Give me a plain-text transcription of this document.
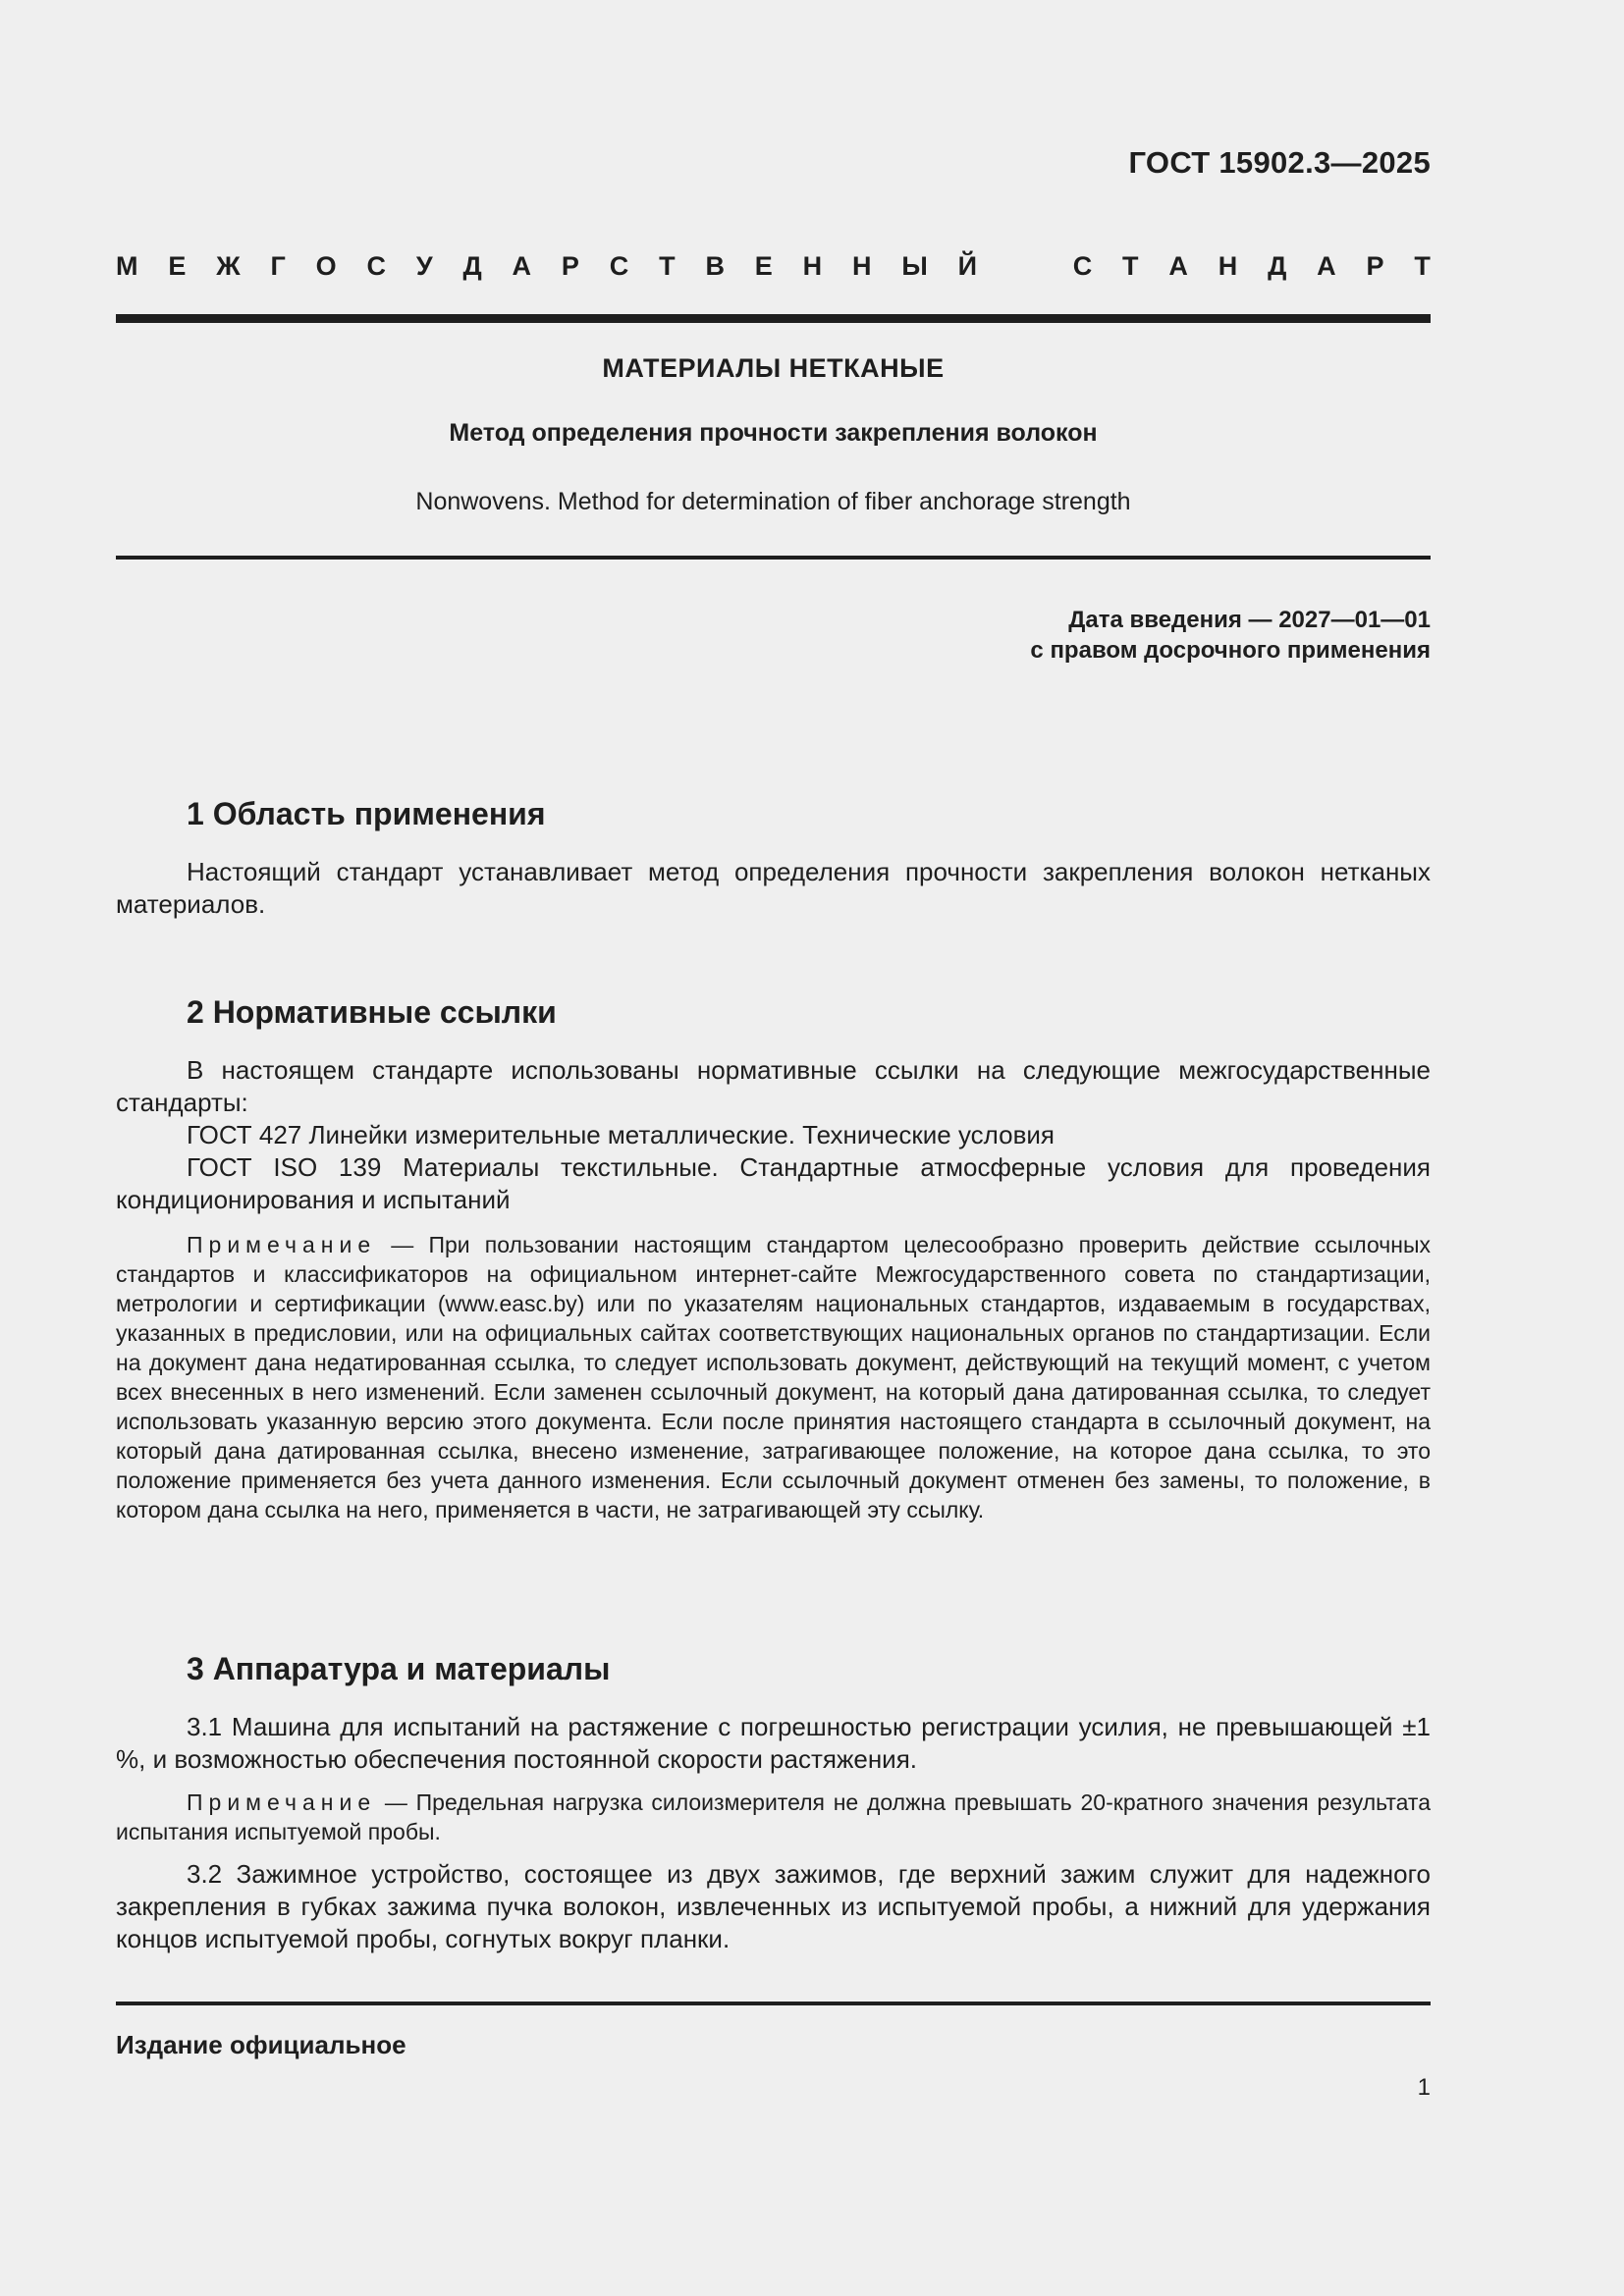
ГОСТ 15902.3—2025
М Е Ж Г О С У Д А Р С Т В Е Н Н Ы Й	С Т А Н Д А Р Т
МАТЕРИАЛЫ НЕТКАНЫЕ
Метод определения прочности закрепления волокон
Nonwovens. Method for determination of fiber anchorage strength
Дата введения — 2027—01—01
с правом досрочного применения
1 Область применения

Настоящий стандарт устанавливает метод определения прочности закрепления волокон нетканых материалов.

2 Нормативные ссылки

В настоящем стандарте использованы нормативные ссылки на следующие межгосударственные стандарты:

ГОСТ 427 Линейки измерительные металлические. Технические условия

ГОСТ ISO 139 Материалы текстильные. Стандартные атмосферные условия для проведения кондиционирования и испытаний

Примечание — При пользовании настоящим стандартом целесообразно проверить действие ссылочных стандартов и классификаторов на официальном интернет-сайте Межгосударственного совета по стандартизации, метрологии и сертификации (www.easc.by) или по указателям национальных стандартов, издаваемым в государствах, указанных в предисловии, или на официальных сайтах соответствующих национальных органов по стандартизации. Если на документ дана недатированная ссылка, то следует использовать документ, действующий на текущий момент, с учетом всех внесенных в него изменений. Если заменен ссылочный документ, на который дана датированная ссылка, то следует использовать указанную версию этого документа. Если после принятия настоящего стандарта в ссылочный документ, на который дана датированная ссылка, внесено изменение, затрагивающее положение, на которое дана ссылка, то это положение применяется без учета данного изменения. Если ссылочный документ отменен без замены, то положение, в котором дана ссылка на него, применяется в части, не затрагивающей эту ссылку.

3 Аппаратура и материалы

3.1 Машина для испытаний на растяжение с погрешностью регистрации усилия, не превышающей ±1 %, и возможностью обеспечения постоянной скорости растяжения.

Примечание — Предельная нагрузка силоизмерителя не должна превышать 20-кратного значения результата испытания испытуемой пробы.

3.2 Зажимное устройство, состоящее из двух зажимов, где верхний зажим служит для надежного закрепления в губках зажима пучка волокон, извлеченных из испытуемой пробы, а нижний для удержания концов испытуемой пробы, согнутых вокруг планки.

Издание официальное
1
